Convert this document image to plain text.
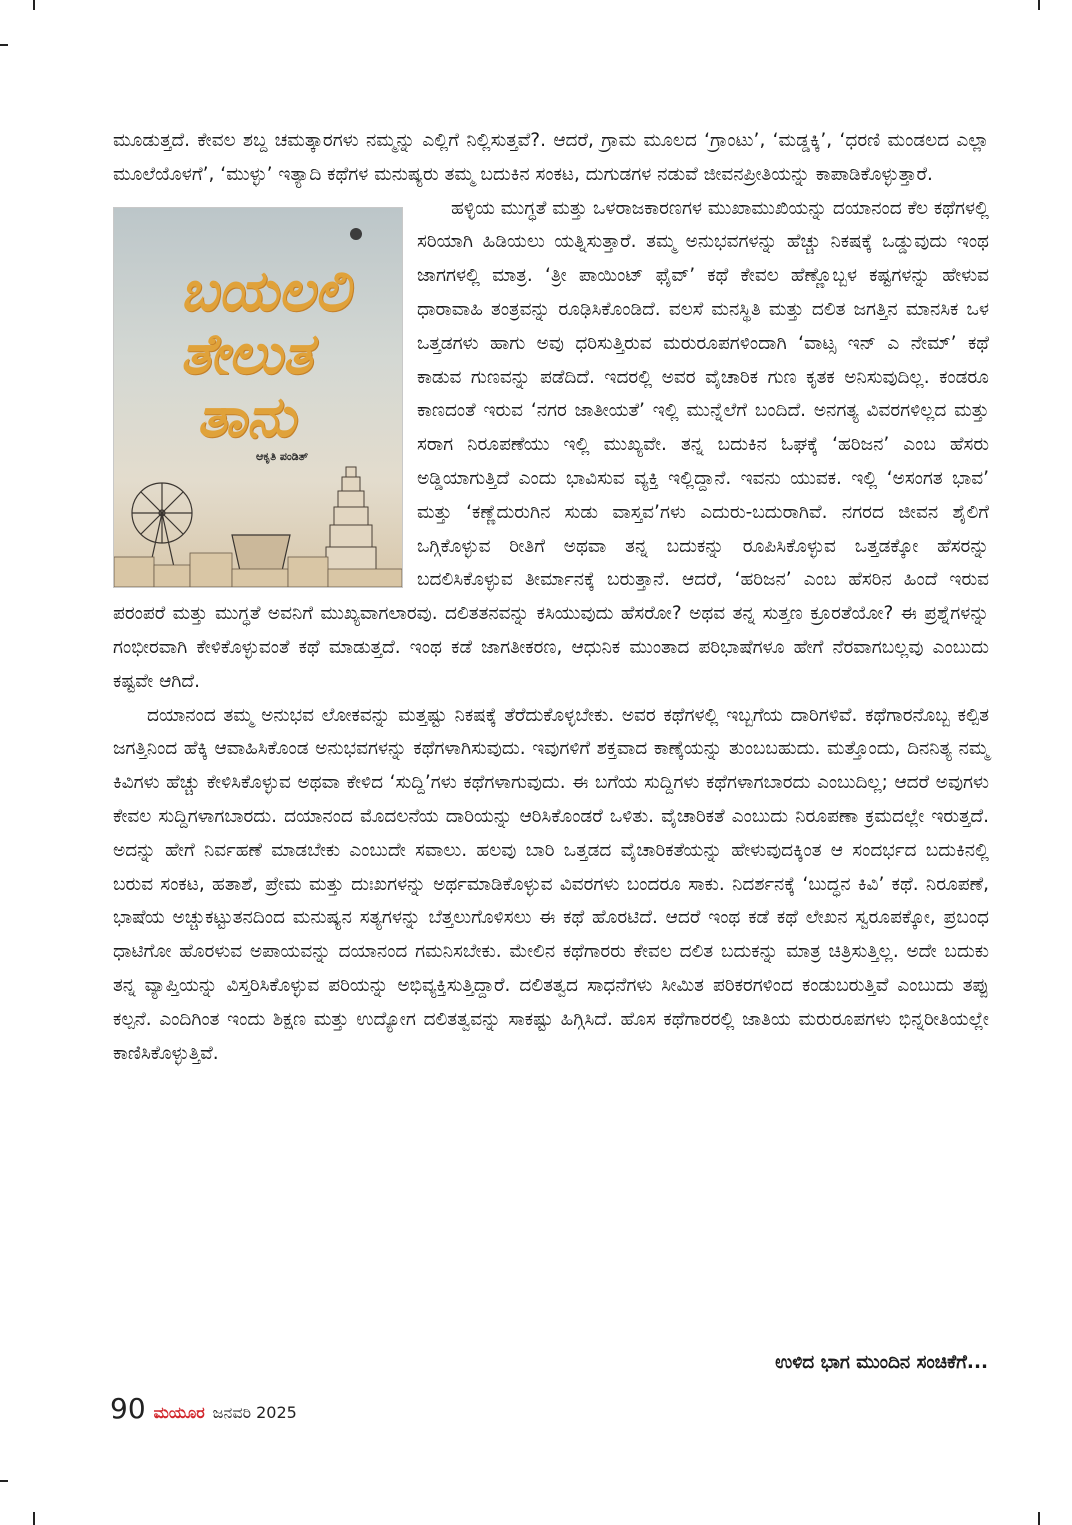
ಮೂಡುತ್ತದೆ. ಕೇವಲ ಶಬ್ದ ಚಮತ್ಕಾರಗಳು ನಮ್ಮನ್ನು ಎಲ್ಲಿಗೆ ನಿಲ್ಲಿಸುತ್ತವೆ?. ಆದರೆ, ಗ್ರಾಮ ಮೂಲದ ‘ಗ್ರಾಂಟು’, ‘ಮಡ್ಡಕ್ಕಿ’, ‘ಧರಣಿ ಮಂಡಲದ ಎಲ್ಲಾ ಮೂಲೆಯೊಳಗೆ’, ‘ಮುಳ್ಳು’ ಇತ್ಯಾದಿ ಕಥೆಗಳ ಮನುಷ್ಯರು ತಮ್ಮ ಬದುಕಿನ ಸಂಕಟ, ದುಗುಡಗಳ ನಡುವೆ ಜೀವನಪ್ರೀತಿಯನ್ನು ಕಾಪಾಡಿಕೊಳ್ಳುತ್ತಾರೆ.

ಬಯಲಲಿ
ತೇಲುತ
ತಾನು
ಆಕೃತಿ ಪಂಡಿತ್
ಹಳ್ಳಿಯ ಮುಗ್ಧತೆ ಮತ್ತು ಒಳರಾಜಕಾರಣಗಳ ಮುಖಾಮುಖಿಯನ್ನು ದಯಾನಂದ ಕೆಲ ಕಥೆಗಳಲ್ಲಿ ಸರಿಯಾಗಿ ಹಿಡಿಯಲು ಯತ್ನಿಸುತ್ತಾರೆ. ತಮ್ಮ ಅನುಭವಗಳನ್ನು ಹೆಚ್ಚು ನಿಕಷಕ್ಕೆ ಒಡ್ಡುವುದು ಇಂಥ ಜಾಗಗಳಲ್ಲಿ ಮಾತ್ರ. ‘ತ್ರೀ ಪಾಯಿಂಟ್ ಫೈವ್’ ಕಥೆ ಕೇವಲ ಹೆಣ್ಣೊಬ್ಬಳ ಕಷ್ಟಗಳನ್ನು ಹೇಳುವ ಧಾರಾವಾಹಿ ತಂತ್ರವನ್ನು ರೂಢಿಸಿಕೊಂಡಿದೆ. ವಲಸೆ ಮನಸ್ಥಿತಿ ಮತ್ತು ದಲಿತ ಜಗತ್ತಿನ ಮಾನಸಿಕ ಒಳ ಒತ್ತಡಗಳು ಹಾಗು ಅವು ಧರಿಸುತ್ತಿರುವ ಮರುರೂಪಗಳಿಂದಾಗಿ ‘ವಾಟ್ಸ ಇನ್ ಎ ನೇಮ್’ ಕಥೆ ಕಾಡುವ ಗುಣವನ್ನು ಪಡೆದಿದೆ. ಇದರಲ್ಲಿ ಅವರ ವೈಚಾರಿಕ ಗುಣ ಕೃತಕ ಅನಿಸುವುದಿಲ್ಲ. ಕಂಡರೂ ಕಾಣದಂತೆ ಇರುವ ‘ನಗರ ಜಾತೀಯತೆ’ ಇಲ್ಲಿ ಮುನ್ನೆಲೆಗೆ ಬಂದಿದೆ. ಅನಗತ್ಯ ವಿವರಗಳಿಲ್ಲದ ಮತ್ತು ಸರಾಗ ನಿರೂಪಣೆಯು ಇಲ್ಲಿ ಮುಖ್ಯವೇ. ತನ್ನ ಬದುಕಿನ ಓಘಕ್ಕೆ ‘ಹರಿಜನ’ ಎಂಬ ಹೆಸರು ಅಡ್ಡಿಯಾಗುತ್ತಿದೆ ಎಂದು ಭಾವಿಸುವ ವ್ಯಕ್ತಿ ಇಲ್ಲಿದ್ದಾನೆ. ಇವನು ಯುವಕ. ಇಲ್ಲಿ ‘ಅಸಂಗತ ಭಾವ’ ಮತ್ತು ‘ಕಣ್ಣೆದುರುಗಿನ ಸುಡು ವಾಸ್ತವ’ಗಳು ಎದುರು-ಬದುರಾಗಿವೆ. ನಗರದ ಜೀವನ ಶೈಲಿಗೆ ಒಗ್ಗಿಕೊಳ್ಳುವ ರೀತಿಗೆ ಅಥವಾ ತನ್ನ ಬದುಕನ್ನು ರೂಪಿಸಿಕೊಳ್ಳುವ ಒತ್ತಡಕ್ಕೋ ಹೆಸರನ್ನು ಬದಲಿಸಿಕೊಳ್ಳುವ ತೀರ್ಮಾನಕ್ಕೆ ಬರುತ್ತಾನೆ. ಆದರೆ, ‘ಹರಿಜನ’ ಎಂಬ ಹೆಸರಿನ ಹಿಂದೆ ಇರುವ ಪರಂಪರೆ ಮತ್ತು ಮುಗ್ಧತೆ ಅವನಿಗೆ ಮುಖ್ಯವಾಗಲಾರವು. ದಲಿತತನವನ್ನು ಕಸಿಯುವುದು ಹೆಸರೋ? ಅಥವ ತನ್ನ ಸುತ್ತಣ ಕ್ರೂರತೆಯೋ? ಈ ಪ್ರಶ್ನೆಗಳನ್ನು ಗಂಭೀರವಾಗಿ ಕೇಳಿಕೊಳ್ಳುವಂತೆ ಕಥೆ ಮಾಡುತ್ತದೆ. ಇಂಥ ಕಡೆ ಜಾಗತೀಕರಣ, ಆಧುನಿಕ ಮುಂತಾದ ಪರಿಭಾಷೆಗಳೂ ಹೇಗೆ ನೆರವಾಗಬಲ್ಲವು ಎಂಬುದು ಕಷ್ಟವೇ ಆಗಿದೆ.

ದಯಾನಂದ ತಮ್ಮ ಅನುಭವ ಲೋಕವನ್ನು ಮತ್ತಷ್ಟು ನಿಕಷಕ್ಕೆ ತೆರೆದುಕೊಳ್ಳಬೇಕು. ಅವರ ಕಥೆಗಳಲ್ಲಿ ಇಬ್ಬಗೆಯ ದಾರಿಗಳಿವೆ. ಕಥೆಗಾರನೊಬ್ಬ ಕಲ್ಪಿತ ಜಗತ್ತಿನಿಂದ ಹೆಕ್ಕಿ ಆವಾಹಿಸಿಕೊಂಡ ಅನುಭವಗಳನ್ನು ಕಥೆಗಳಾಗಿಸುವುದು. ಇವುಗಳಿಗೆ ಶಕ್ತವಾದ ಕಾಣ್ಕೆಯನ್ನು ತುಂಬಬಹುದು. ಮತ್ತೊಂದು, ದಿನನಿತ್ಯ ನಮ್ಮ ಕಿವಿಗಳು ಹೆಚ್ಚು ಕೇಳಿಸಿಕೊಳ್ಳುವ ಅಥವಾ ಕೇಳಿದ ‘ಸುದ್ದಿ’ಗಳು ಕಥೆಗಳಾಗುವುದು. ಈ ಬಗೆಯ ಸುದ್ದಿಗಳು ಕಥೆಗಳಾಗಬಾರದು ಎಂಬುದಿಲ್ಲ; ಆದರೆ ಅವುಗಳು ಕೇವಲ ಸುದ್ದಿಗಳಾಗಬಾರದು. ದಯಾನಂದ ಮೊದಲನೆಯ ದಾರಿಯನ್ನು ಆರಿಸಿಕೊಂಡರೆ ಒಳಿತು. ವೈಚಾರಿಕತೆ ಎಂಬುದು ನಿರೂಪಣಾ ಕ್ರಮದಲ್ಲೇ ಇರುತ್ತದೆ. ಅದನ್ನು ಹೇಗೆ ನಿರ್ವಹಣೆ ಮಾಡಬೇಕು ಎಂಬುದೇ ಸವಾಲು. ಹಲವು ಬಾರಿ ಒತ್ತಡದ ವೈಚಾರಿಕತೆಯನ್ನು ಹೇಳುವುದಕ್ಕಿಂತ ಆ ಸಂದರ್ಭದ ಬದುಕಿನಲ್ಲಿ ಬರುವ ಸಂಕಟ, ಹತಾಶೆ, ಪ್ರೇಮ ಮತ್ತು ದುಃಖಗಳನ್ನು ಅರ್ಥಮಾಡಿಕೊಳ್ಳುವ ವಿವರಗಳು ಬಂದರೂ ಸಾಕು. ನಿದರ್ಶನಕ್ಕೆ ‘ಬುದ್ಧನ ಕಿವಿ’ ಕಥೆ. ನಿರೂಪಣೆ, ಭಾಷೆಯ ಅಚ್ಚುಕಟ್ಟುತನದಿಂದ ಮನುಷ್ಯನ ಸತ್ಯಗಳನ್ನು ಬೆತ್ತಲುಗೊಳಿಸಲು ಈ ಕಥೆ ಹೊರಟಿದೆ. ಆದರೆ ಇಂಥ ಕಡೆ ಕಥೆ ಲೇಖನ ಸ್ವರೂಪಕ್ಕೋ, ಪ್ರಬಂಧ ಧಾಟಿಗೋ ಹೊರಳುವ ಅಪಾಯವನ್ನು ದಯಾನಂದ ಗಮನಿಸಬೇಕು. ಮೇಲಿನ ಕಥೆಗಾರರು ಕೇವಲ ದಲಿತ ಬದುಕನ್ನು ಮಾತ್ರ ಚಿತ್ರಿಸುತ್ತಿಲ್ಲ. ಅದೇ ಬದುಕು ತನ್ನ ವ್ಯಾಪ್ತಿಯನ್ನು ವಿಸ್ತರಿಸಿಕೊಳ್ಳುವ ಪರಿಯನ್ನು ಅಭಿವ್ಯಕ್ತಿಸುತ್ತಿದ್ದಾರೆ. ದಲಿತತ್ವದ ಸಾಧನೆಗಳು ಸೀಮಿತ ಪರಿಕರಗಳಿಂದ ಕಂಡುಬರುತ್ತಿವೆ ಎಂಬುದು ತಪ್ಪು ಕಲ್ಪನೆ. ಎಂದಿಗಿಂತ ಇಂದು ಶಿಕ್ಷಣ ಮತ್ತು ಉದ್ಯೋಗ ದಲಿತತ್ವವನ್ನು ಸಾಕಷ್ಟು ಹಿಗ್ಗಿಸಿದೆ. ಹೊಸ ಕಥೆಗಾರರಲ್ಲಿ ಜಾತಿಯ ಮರುರೂಪಗಳು ಭಿನ್ನರೀತಿಯಲ್ಲೇ ಕಾಣಿಸಿಕೊಳ್ಳುತ್ತಿವೆ.

ಉಳಿದ ಭಾಗ ಮುಂದಿನ ಸಂಚಿಕೆಗೆ...
90 ಮಯೂರ ಜನವರಿ 2025
